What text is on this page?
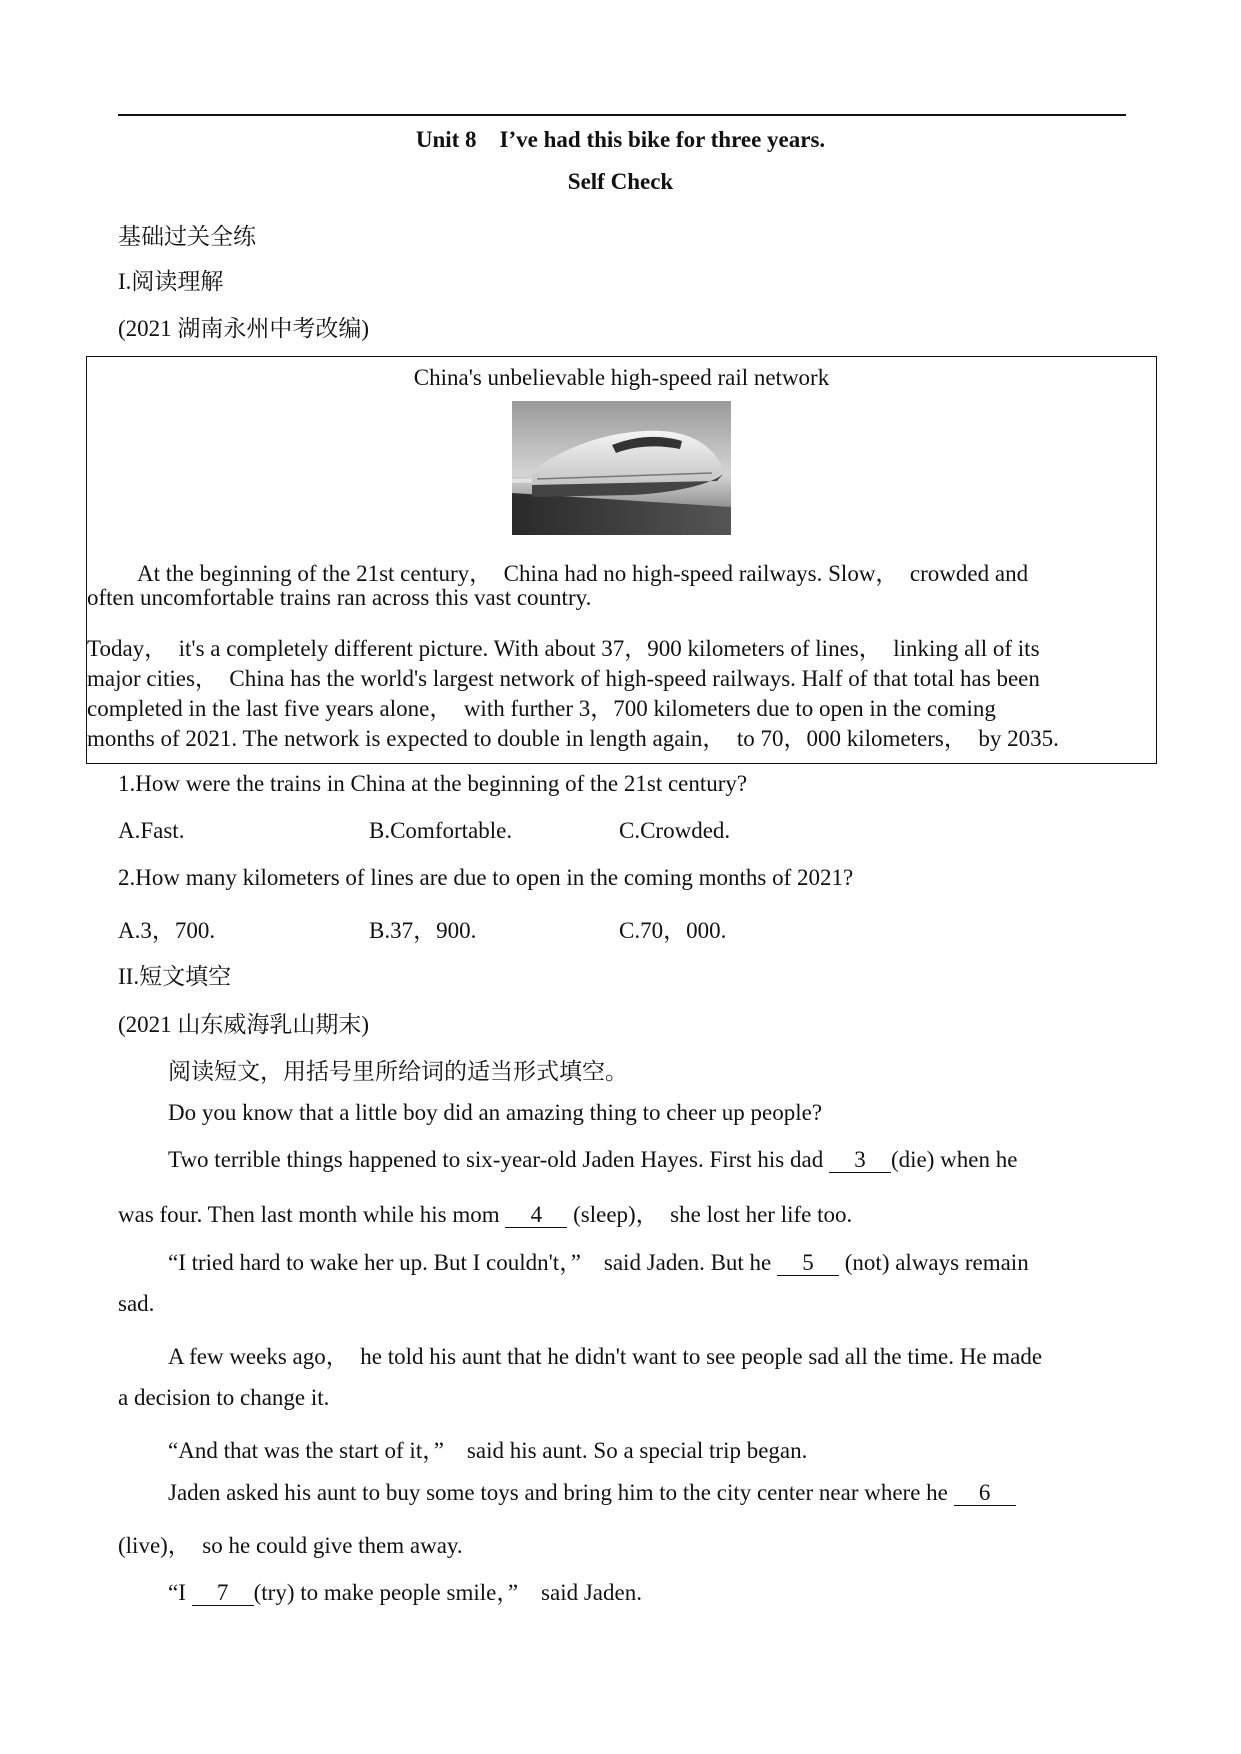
Unit 8　I’ve had this bike for three years.
Self Check
基础过关全练
I.阅读理解
(2021 湖南永州中考改编)
China's unbelievable high-speed rail network
At the beginning of the 21st century，　China had no high-speed railways. Slow，　crowded and
often uncomfortable trains ran across this vast country.
Today，　it's a completely different picture. With about 37，900 kilometers of lines，　linking all of its
major cities，　China has the world's largest network of high-speed railways. Half of that total has been
completed in the last five years alone，　with further 3，700 kilometers due to open in the coming
months of 2021. The network is expected to double in length again，　to 70，000 kilometers，　by 2035.
1.How were the trains in China at the beginning of the 21st century?
A.Fast.	B.Comfortable.	C.Crowded.
2.How many kilometers of lines are due to open in the coming months of 2021?
A.3，700.	B.37，900.	C.70，000.
II.短文填空
(2021 山东威海乳山期末)
阅读短文，用括号里所给词的适当形式填空。
Do you know that a little boy did an amazing thing to cheer up people?
Two terrible things happened to six-year-old Jaden Hayes. First his dad 3 (die) when he
was four. Then last month while his mom 4 (sleep)，　she lost her life too.
“I tried hard to wake her up. But I couldn't，”　said Jaden. But he 5 (not) always remain
sad.
A few weeks ago，　he told his aunt that he didn't want to see people sad all the time. He made
a decision to change it.
“And that was the start of it，”　said his aunt. So a special trip began.
Jaden asked his aunt to buy some toys and bring him to the city center near where he 6
(live)，　so he could give them away.
“I 7 (try) to make people smile，”　said Jaden.
